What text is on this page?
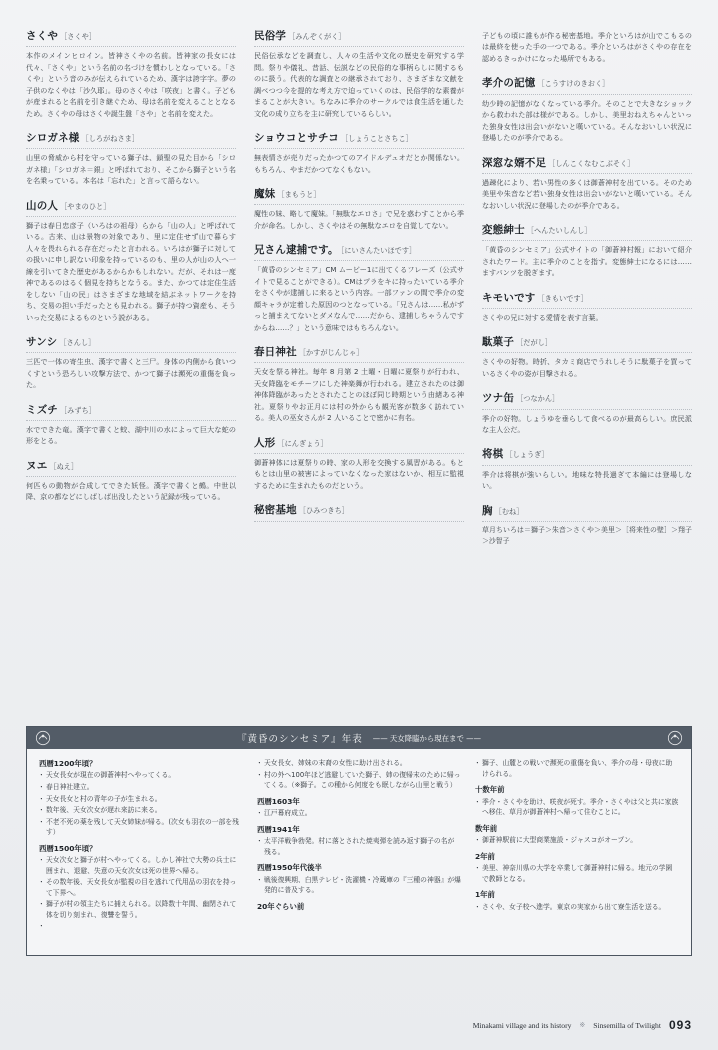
さくや ［さくや］
本作のメインヒロイン。皆神さくやの名前。皆神家の長女には代々、「さくや」という名前の名づけを慣わしとなっている。「さくや」という音のみが伝えられているため、漢字は誇字字。夢の子供のなくやは「沙久耶」。母のさくやは「咲夜」と書く。子どもが産まれると名前を引き継ぐため、母は名前を変えることとなるため。さくやの母はさくや誕生盤「さや」と名前を変えた。
シロガネ様 ［しろがねさま］
山里の脅威から村を守っている獅子は、鎖聖の見た目から「シロガネ様」「シロガネ＝銀」と呼ばれており、そこから獅子という名を名乗っている。本名は「忘れた」と言って語らない。
山の人 ［やまのひと］
獅子は春日忠彦子（いろはの祖母）らから「山の人」と呼ばれている。古来、山は景物の対象であり、里に定住せず山で暮らす人々を畏れられる存在だったと言われる。いろはが獅子に対しての扱いに申し訳ない印象を持っているのも、里の人が山の人へ一線を引いてきた歴史があるからかもしれない。だが、それは一度神であるのはるく個見を持ちとなうる。また、かつては定住生活をしない「山の民」はさまざまな地域を結ぶネットワークを持ち、交易の担い手だったとも見われる。獅子が持つ資産も、そういった交易によるものという説がある。
サンシ ［さんし］
三匹で一体の寄生虫、漢字で書くと三尸。身体の内側から食いつくすという恐ろしい攻撃方法で、かつて獅子は瀕死の重傷を負った。
ミズチ ［みずち］
水でできた竜。漢字で書くと蛟、湖中川の水によって巨大な蛇の形をとる。
ヌエ ［ぬえ］
何匹もの動物が合成してできた妖怪。漢字で書くと鵺。中世以降、京の都などにしばしば出没したという記録が残っている。
民俗学 ［みんぞくがく］
民俗伝承などを調査し、人々の生活や文化の歴史を研究する学問。祭りや儀礼、昔話、伝説などの民俗的な事柄らしに関するものに扱う。代表的な調査との継承されており、さまざまな文献を調べつつ今を提的な考え方で迫っていくのは、民俗学的な素養がまることが大きい。ちなみに季介のサークルでは食生活を通した文化の成り立ちを主に研究しているらしい。
ショウコとサチコ ［しょうことさちこ］
無表情さが売りだったかつてのアイドルデュオだとか関係ない。もちろん、やまだかつてなくもない。
魔妹 ［まもうと］
魔性の妹、略して魔妹。「無駄なエロさ」で兄を惑わすことから季介が命名。しかし、さくやはその無駄なエロを自覚してない。
兄さん逮捕です。 ［にいさんたいほです］
「黄昏のシンセミア」CM ムービー1に出てくるフレーズ（公式サイトで見ることができる）。CMはプラをキに持ったいている季介をさくやが逮捕しに来るという内容。一部ファンの間で季介の変顔キャラが定着した原因のつとなっている。「兄さんは……私がずっと捕まえてないとダメなんで……だから、逮捕しちゃうんですからね……？」という意味ではもちろんない。
春日神社 ［かすがじんじゃ］
天女を祭る神社。毎年 8 月第 2 土曜・日曜に夏祭りが行われ、天女降臨をモチーフにした神楽舞が行われる。建立されたのは御神体降臨があったとされたことのほぼ同じ時期という由緒ある神社。夏祭りやお正月には村の外からも観光客が数多く訪れている。美人の巫女さんが 2 人いることで密かに有名。
人形 ［にんぎょう］
御蒼神体には夏祭りの時、家の人形を交換する風習がある。もともとは山里の被害によっていなくなった家はないか、相互に監視するために生まれたものだという。
秘密基地 ［ひみつきち］
子どもの頃に誰もが作る秘密基地。季介といろはが山でこもるのは最終を使った手の一つである。季介といろはがさくやの存在を認めるきっかけになった場所でもある。
孝介の記憶 ［こうすけのきおく］
幼少時の記憶がなくなっている季介。そのことで大きなショックから救われた部は様がである。しかし、美里おねえちゃんといった独身女性は出会いがないと嘆いている。そんなおいしい状況に登場したのが季介である。
深窓な婿不足 ［しんこくなむこぶそく］
過疎化により、若い男性の多くは御蒼神村を出ている。そのため美里や朱音など若い独身女性は出会いがないと嘆いている。そんなおいしい状況に登場したのが季介である。
変態紳士 ［へんたいしんし］
「黄昏のシンセミア」公式サイトの「御蒼神村報」において紹介されたワード。主に季介のことを指す。変態紳士になるには……ますパンツを脱ぎます。
キモいです ［きもいです］
さくやの兄に対する愛情を表す言葉。
駄菓子 ［だがし］
さくやの好物。時折、タカミ商店でうれしそうに駄菓子を買っているさくやの姿が目撃される。
ツナ缶 ［つなかん］
季介の好物。しょうゆを垂らして食べるのが最高らしい。庶民派な主人公だ。
将棋 ［しょうぎ］
季介は将棋が強いらしい。地味な特長過ぎて本編には登場しない。
胸 ［むね］
草月ちいろは＝獅子＞朱音＞さくや＞美里＞［将来性の壁］＞翔子＞沙智子
『黄昏のシンセミア』年表 —— 天女降臨から現在まで ——
西暦1200年頃？
・ 天女長女が現在の御蒼神村へやってくる。
・ 春日神社建立。
・ 天女長女と村の青年の子が生まれる。
・ 数年後、天女次女が遅れ来訪に来る。
・ 不老不死の薬を残して天女姉妹が帰る。(次女も羽衣の一部を残す）
西暦1500年頃？
・ 天女次女と獅子が村へやってくる。しかし神社で大勢の兵士に囲まれ、退避、失意の天女次女は死の世界へ帰る。
・ その数年後、天女長女が監視の目を逃れて代用品の羽衣を持って下界へ。
・ 獅子が村の領主たちに捕えられる。以降数十年間、幽閉されて体を切り刻まれ、復讐を誓う。
・ 天女長女、姉妹の末裔の女性に助け出される。
・ 村の外へ100年ほど逃避していた獅子、姉の復帰末のために帰ってくる。（※獅子。この種から何度をも眠しながら山里と戦う）
西暦1603年
・ 江戸幕府成立。
西暦1941年
・ 太平洋戦争勃発。村に落とされた焼夷弾を読み返す獅子の名が残る。
西暦1950年代後半
・ 戦後復興期、白黒テレビ・洗濯機・冷蔵庫の『三種の神器』が爆発的に普及する。
20年ぐらい前
・ 獅子、山麓との戦いで瀕死の重傷を負い、季介の母・母夜に助けられる。
十数年前
・ 季介・さくやを助け、咲夜が死す。季介・さくやは父と共に家族へ移住、草月が御蒼神村へ帰って住むことに。
数年前
・ 御蒼神駅前に大型商業施設・ジャスコがオープン。
2年前
・ 美里、神奈川県の大学を卒業して御蒼神村に帰る。地元の学園で教師となる。
1年前
・ さくや、女子校へ進学。東京の実家から出て寮生活を送る。
Minakami village and its history ※ Sinsemilla of Twilight 093
